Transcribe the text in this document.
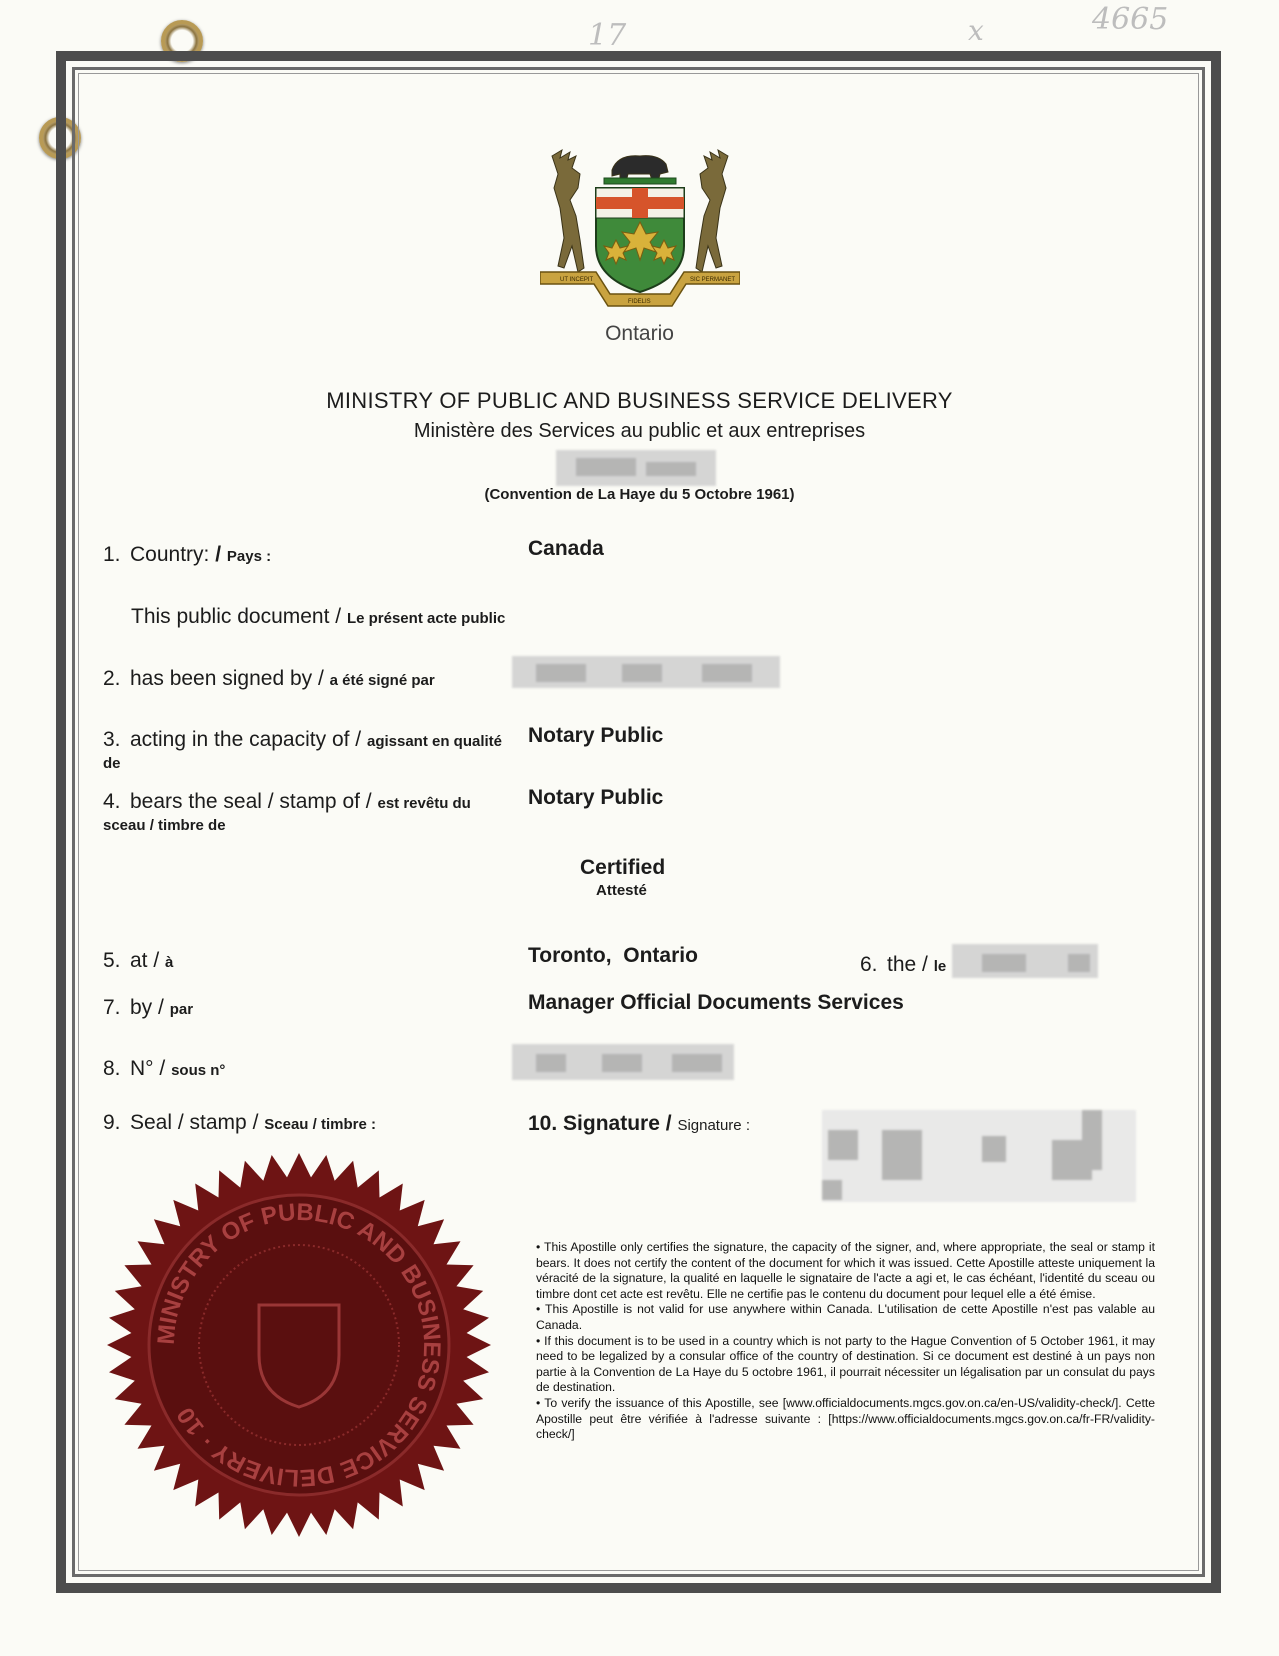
17	x	4665
UT INCEPIT
FIDELIS
SIC PERMANET
Ontario
MINISTRY OF PUBLIC AND BUSINESS SERVICE DELIVERY
Ministère des Services au public et aux entreprises
(Convention de La Haye du 5 Octobre 1961)
1. Country: / Pays :	Canada
This public document / Le présent acte public
2. has been signed by / a été signé par
3. acting in the capacity of / agissant en qualité de
Notary Public
4. bears the seal / stamp of / est revêtu du sceau / timbre de
Notary Public
Certified
Attesté
5. at / à	Toronto,  Ontario	6. the / le
7. by / par	Manager Official Documents Services
8. N° / sous n°
9. Seal / stamp / Sceau / timbre :	10. Signature / Signature :
MINISTRY OF PUBLIC AND BUSINESS SERVICE DELIVERY · 10

• This Apostille only certifies the signature, the capacity of the signer, and, where appropriate, the seal or stamp it bears. It does not certify the content of the document for which it was issued. Cette Apostille atteste uniquement la véracité de la signature, la qualité en laquelle le signataire de l'acte a agi et, le cas échéant, l'identité du sceau ou timbre dont cet acte est revêtu. Elle ne certifie pas le contenu du document pour lequel elle a été émise.

• This Apostille is not valid for use anywhere within Canada. L'utilisation de cette Apostille n'est pas valable au Canada.

• If this document is to be used in a country which is not party to the Hague Convention of 5 October 1961, it may need to be legalized by a consular office of the country of destination. Si ce document est destiné à un pays non partie à la Convention de La Haye du 5 octobre 1961, il pourrait nécessiter un légalisation par un consulat du pays de destination.

• To verify the issuance of this Apostille, see [www.officialdocuments.mgcs.gov.on.ca/en-US/validity-check/]. Cette Apostille peut être vérifiée à l'adresse suivante : [https://www.officialdocuments.mgcs.gov.on.ca/fr-FR/validity-check/]
